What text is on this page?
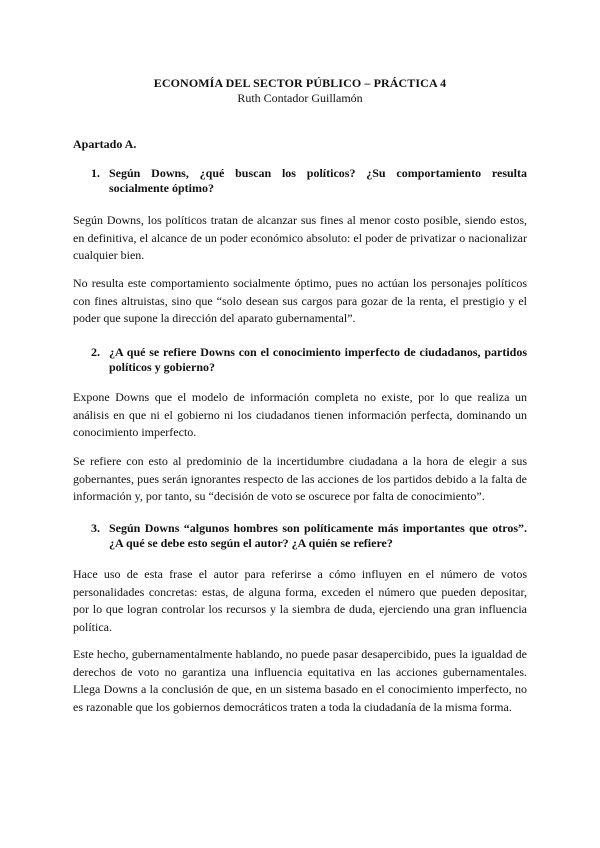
ECONOMÍA DEL SECTOR PÚBLICO – PRÁCTICA 4
Ruth Contador Guillamón
Apartado A.
1. Según Downs, ¿qué buscan los políticos? ¿Su comportamiento resulta socialmente óptimo?
Según Downs, los políticos tratan de alcanzar sus fines al menor costo posible, siendo estos, en definitiva, el alcance de un poder económico absoluto: el poder de privatizar o nacionalizar cualquier bien.
No resulta este comportamiento socialmente óptimo, pues no actúan los personajes políticos con fines altruistas, sino que “solo desean sus cargos para gozar de la renta, el prestigio y el poder que supone la dirección del aparato gubernamental”.
2. ¿A qué se refiere Downs con el conocimiento imperfecto de ciudadanos, partidos políticos y gobierno?
Expone Downs que el modelo de información completa no existe, por lo que realiza un análisis en que ni el gobierno ni los ciudadanos tienen información perfecta, dominando un conocimiento imperfecto.
Se refiere con esto al predominio de la incertidumbre ciudadana a la hora de elegir a sus gobernantes, pues serán ignorantes respecto de las acciones de los partidos debido a la falta de información y, por tanto, su “decisión de voto se oscurece por falta de conocimiento”.
3. Según Downs “algunos hombres son políticamente más importantes que otros”. ¿A qué se debe esto según el autor? ¿A quién se refiere?
Hace uso de esta frase el autor para referirse a cómo influyen en el número de votos personalidades concretas: estas, de alguna forma, exceden el número que pueden depositar, por lo que logran controlar los recursos y la siembra de duda, ejerciendo una gran influencia política.
Este hecho, gubernamentalmente hablando, no puede pasar desapercibido, pues la igualdad de derechos de voto no garantiza una influencia equitativa en las acciones gubernamentales. Llega Downs a la conclusión de que, en un sistema basado en el conocimiento imperfecto, no es razonable que los gobiernos democráticos traten a toda la ciudadanía de la misma forma.
